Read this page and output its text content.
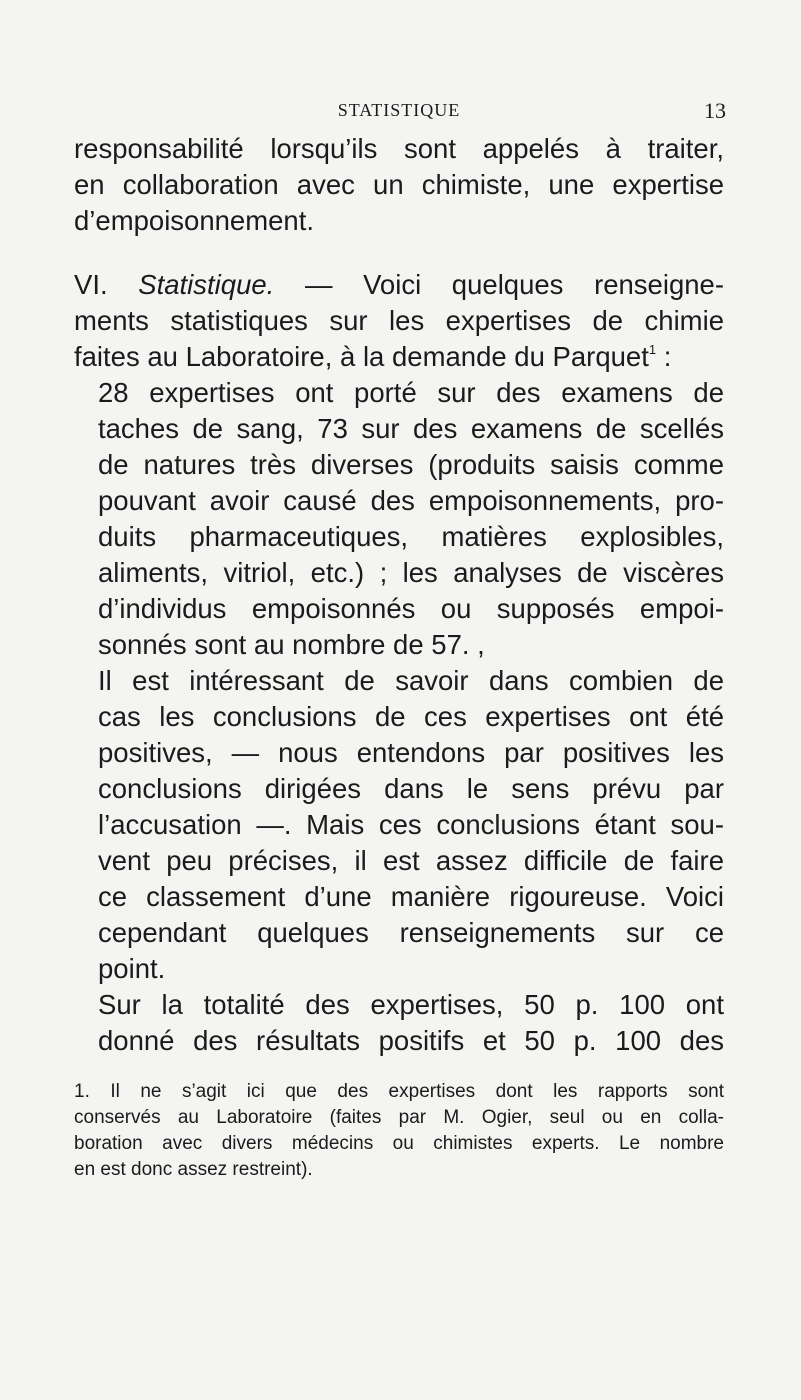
STATISTIQUE	13

responsabilité lorsqu’ils sont appelés à traiter,
en collaboration avec un chimiste, une expertise
d’empoisonnement.

VI. Statistique. — Voici quelques renseigne-
ments statistiques sur les expertises de chimie
faites au Laboratoire, à la demande du Parquet$^1$ :

28 expertises ont porté sur des examens de
taches de sang, 73 sur des examens de scellés
de natures très diverses (produits saisis comme
pouvant avoir causé des empoisonnements, pro-
duits pharmaceutiques, matières explosibles,
aliments, vitriol, etc.) ; les analyses de viscères
d’individus empoisonnés ou supposés empoi-
sonnés sont au nombre de 57. ,

Il est intéressant de savoir dans combien de
cas les conclusions de ces expertises ont été
positives, — nous entendons par positives les
conclusions dirigées dans le sens prévu par
l’accusation —. Mais ces conclusions étant sou-
vent peu précises, il est assez difficile de faire
ce classement d’une manière rigoureuse. Voici
cependant quelques renseignements sur ce
point.

Sur la totalité des expertises, 50 p. 100 ont
donné des résultats positifs et 50 p. 100 des

1. Il ne s’agit ici que des expertises dont les rapports sont
conservés au Laboratoire (faites par M. Ogier, seul ou en colla-
boration avec divers médecins ou chimistes experts. Le nombre
en est donc assez restreint).
